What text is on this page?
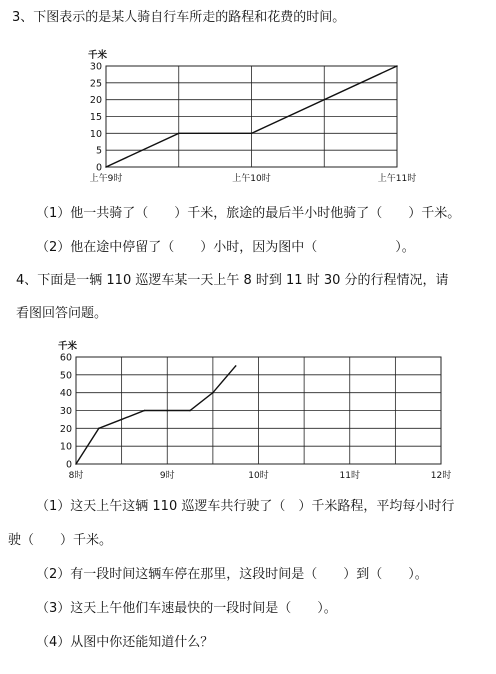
0
5
10
15
20
25
30
千米
上午9时	上午10时	上午11时
0
10
20
30
40
50
60
千米
8时	9时	10时	11时	12时
3、下图表示的是某人骑自行车所走的路程和花费的时间。
（1）他一共骑了（　　）千米，旅途的最后半小时他骑了（　　）千米。
（2）他在途中停留了（　　）小时，因为图中（　　　　　　）。
4、下面是一辆 110 巡逻车某一天上午 8 时到 11 时 30 分的行程情况，请
看图回答问题。
（1）这天上午这辆 110 巡逻车共行驶了（　）千米路程，平均每小时行
驶（　　）千米。
（2）有一段时间这辆车停在那里，这段时间是（　　）到（　　）。
（3）这天上午他们车速最快的一段时间是（　　）。
（4）从图中你还能知道什么？
